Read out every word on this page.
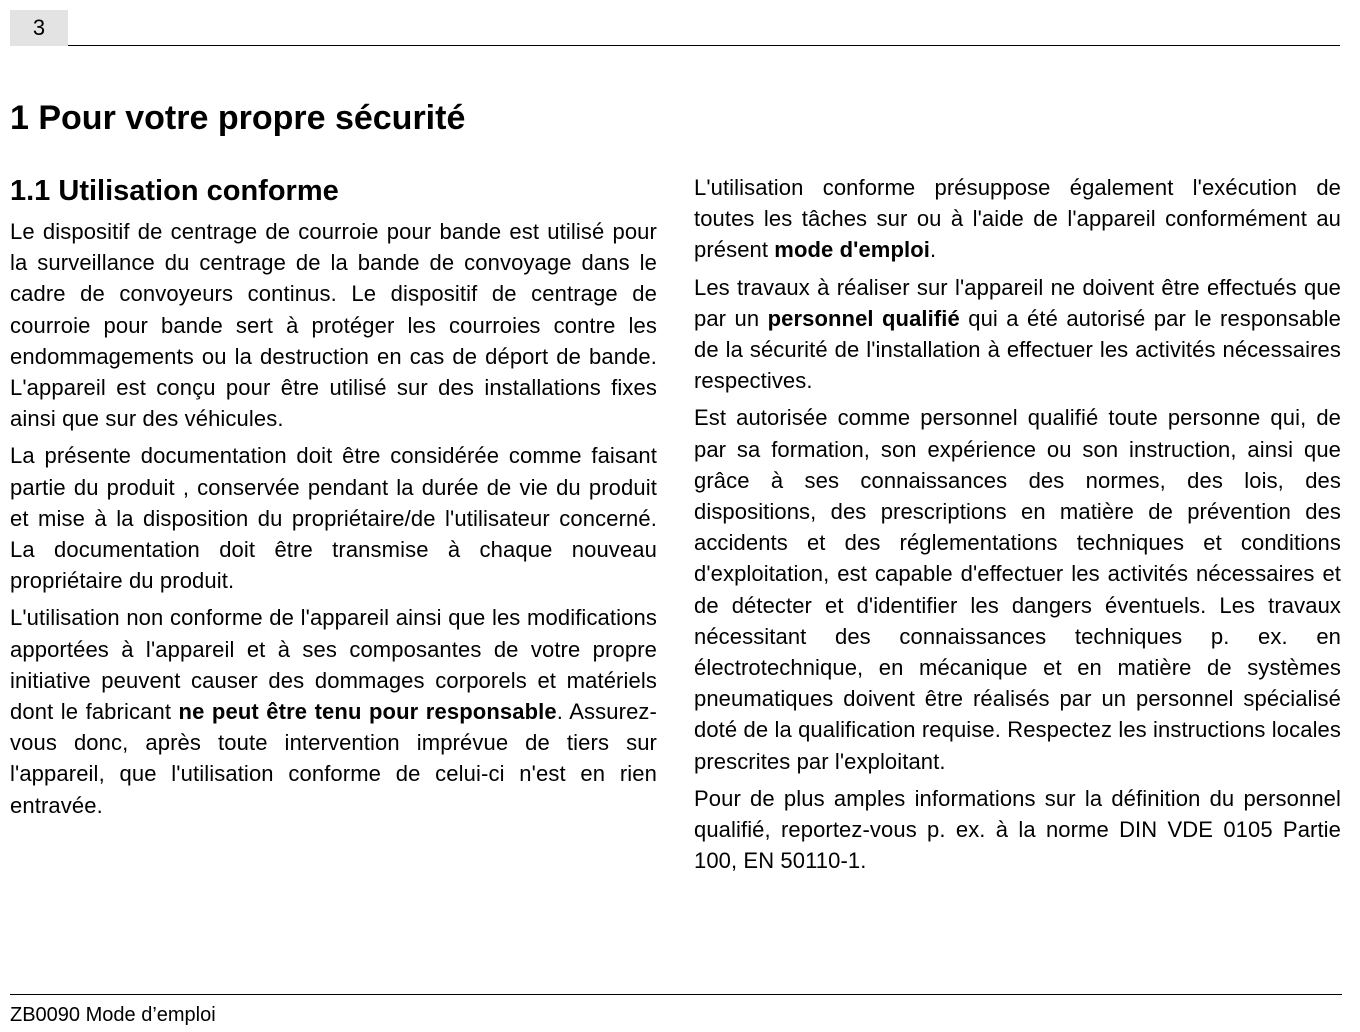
3
1 Pour votre propre sécurité
1.1 Utilisation conforme

Le dispositif de centrage de courroie pour bande est utilisé pour la surveillance du centrage de la bande de convoyage dans le cadre de convoyeurs continus. Le dispositif de centrage de courroie pour bande sert à protéger les courroies contre les endommagements ou la destruction en cas de déport de bande. L'appareil est conçu pour être utilisé sur des installations fixes ainsi que sur des véhicules.

La présente documentation doit être considérée comme faisant partie du produit , conservée pendant la durée de vie du produit et mise à la disposition du propriétaire/de l'utilisateur concerné. La documentation doit être transmise à chaque nouveau propriétaire du produit.

L'utilisation non conforme de l'appareil ainsi que les modifications apportées à l'appareil et à ses composantes de votre propre initiative peuvent causer des dommages corporels et matériels dont le fabricant ne peut être tenu pour responsable. Assurez-vous donc, après toute intervention imprévue de tiers sur l'appareil, que l'utilisation conforme de celui-ci n'est en rien entravée.

L'utilisation conforme présuppose également l'exécution de toutes les tâches sur ou à l'aide de l'appareil conformément au présent mode d'emploi.

Les travaux à réaliser sur l'appareil ne doivent être effectués que par un personnel qualifié qui a été autorisé par le responsable de la sécurité de l'installation à effectuer les activités nécessaires respectives.

Est autorisée comme personnel qualifié toute personne qui, de par sa formation, son expérience ou son instruction, ainsi que grâce à ses connaissances des normes, des lois, des dispositions, des prescriptions en matière de prévention des accidents et des réglementations techniques et conditions d'exploitation, est capable d'effectuer les activités nécessaires et de détecter et d'identifier les dangers éventuels. Les travaux nécessitant des connaissances techniques p. ex. en électrotechnique, en mécanique et en matière de systèmes pneumatiques doivent être réalisés par un personnel spécialisé doté de la qualification requise. Respectez les instructions locales prescrites par l'exploitant.

Pour de plus amples informations sur la définition du personnel qualifié, reportez-vous p. ex. à la norme DIN VDE 0105 Partie 100, EN 50110-1.

ZB0090 Mode d’emploi
